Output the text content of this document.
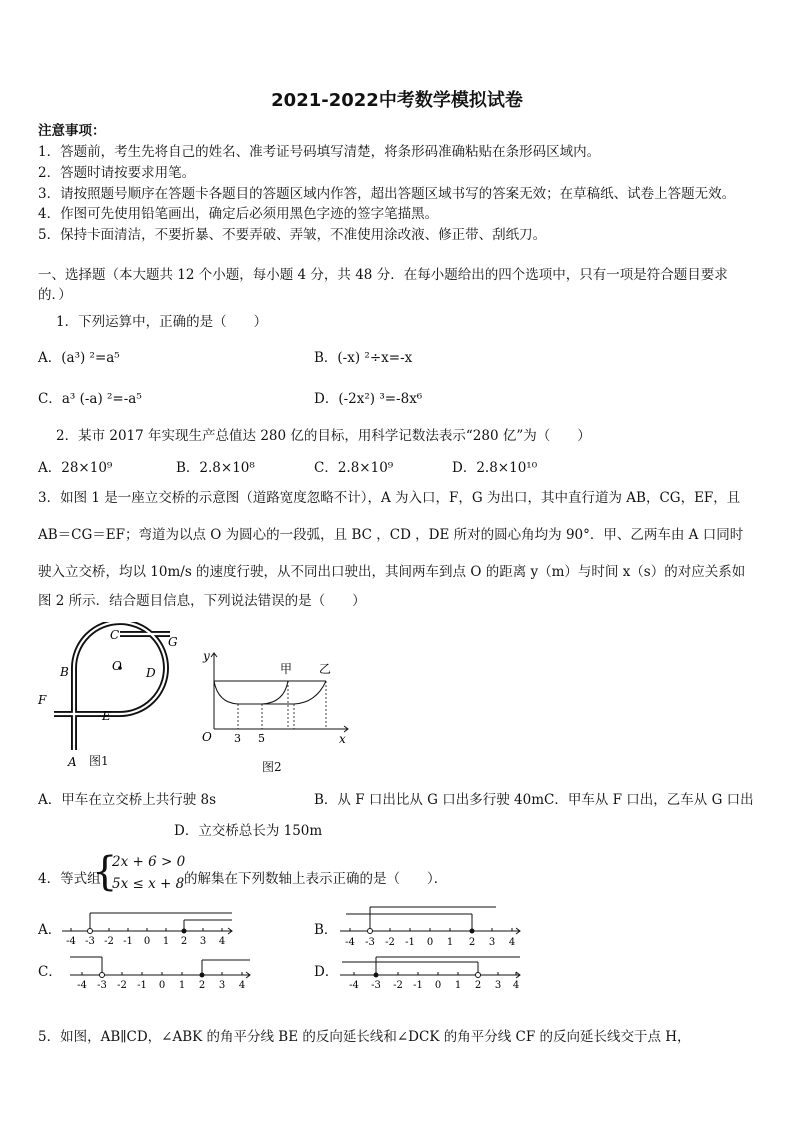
2021-2022中考数学模拟试卷
注意事项：
1．答题前，考生先将自己的姓名、准考证号码填写清楚，将条形码准确粘贴在条形码区域内。
2．答题时请按要求用笔。
3．请按照题号顺序在答题卡各题目的答题区域内作答，超出答题区域书写的答案无效；在草稿纸、试卷上答题无效。
4．作图可先使用铅笔画出，确定后必须用黑色字迹的签字笔描黑。
5．保持卡面清洁，不要折暴、不要弄破、弄皱，不准使用涂改液、修正带、刮纸刀。
一、选择题（本大题共 12 个小题，每小题 4 分，共 48 分．在每小题给出的四个选项中，只有一项是符合题目要求
的．）
1．下列运算中，正确的是（　　）
A．(a³) ²=a⁵	B．(-x) ²÷x=-x
C．a³ (-a) ²=-a⁵	D．(-2x²) ³=-8x⁶
2．某市 2017 年实现生产总值达 280 亿的目标，用科学记数法表示“280 亿”为（　　）
A．28×10⁹	B．2.8×10⁸	C．2.8×10⁹	D．2.8×10¹⁰
3．如图 1 是一座立交桥的示意图（道路宽度忽略不计），A 为入口，F，G 为出口，其中直行道为 AB，CG，EF，且
AB＝CG＝EF；弯道为以点 O 为圆心的一段弧，且 BC ，CD ，DE 所对的圆心角均为 90°．甲、乙两车由 A 口同时
驶入立交桥，均以 10m/s 的速度行驶，从不同出口驶出，其间两车到点 O 的距离 y（m）与时间 x（s）的对应关系如
图 2 所示．结合题目信息，下列说法错误的是（　　）
C	G
O
B	D
E
F
A 图1
y
x
O 3 5
甲 乙
图2
A．甲车在立交桥上共行驶 8s	B．从 F 口出比从 G 口出多行驶 40mC．甲车从 F 口出，乙车从 G 口出
D．立交桥总长为 150m
4．等式组
{
2x + 6 > 0
5x ≤ x + 8 的解集在下列数轴上表示正确的是（　　）．
A．	B．
C．	D．
-4 -3 -2 -1 0 1 2 3 4	-4 -3 -2 -1 0 1 2 3 4
-4 -3 -2 -1 0 1 2 3 4	-4 -3 -2 -1 0 1 2 3 4
5．如图，AB∥CD，∠ABK 的角平分线 BE 的反向延长线和∠DCK 的角平分线 CF 的反向延长线交于点 H，
